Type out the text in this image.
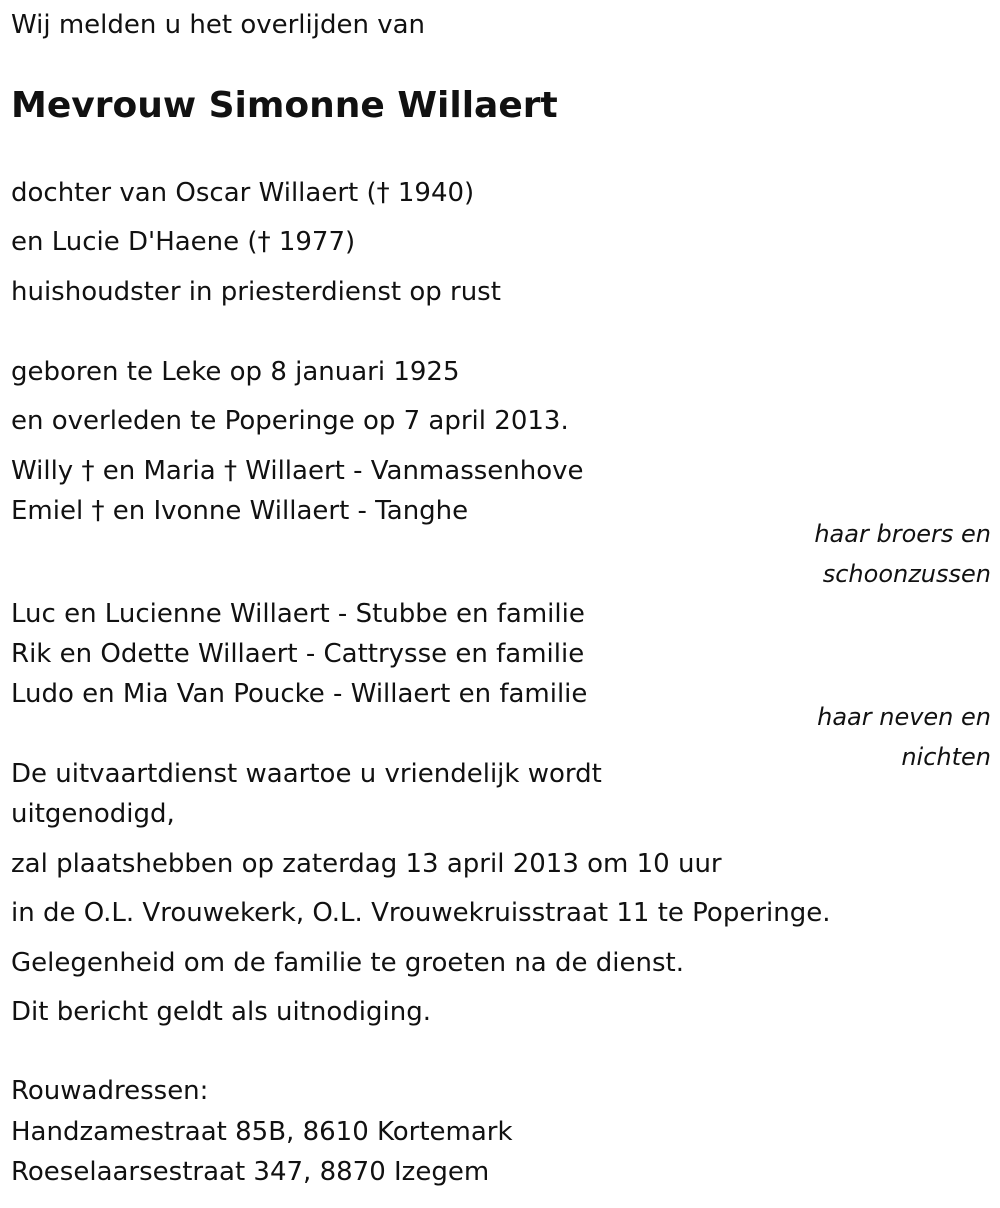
Wij melden u het overlijden van
Mevrouw Simonne Willaert
dochter van Oscar Willaert († 1940)
en Lucie D'Haene († 1977)
huishoudster in priesterdienst op rust
geboren te Leke op 8 januari 1925
en overleden te Poperinge op 7 april 2013.
Willy † en Maria † Willaert - Vanmassenhove
Emiel † en Ivonne Willaert - Tanghe
haar broers en
schoonzussen
Luc en Lucienne Willaert - Stubbe en familie
Rik en Odette Willaert - Cattrysse en familie
Ludo en Mia Van Poucke - Willaert en familie
haar neven en
nichten
De uitvaartdienst waartoe u vriendelijk wordt
uitgenodigd,
zal plaatshebben op zaterdag 13 april 2013 om 10 uur
in de O.L. Vrouwekerk, O.L. Vrouwekruisstraat 11 te Poperinge.
Gelegenheid om de familie te groeten na de dienst.
Dit bericht geldt als uitnodiging.
Rouwadressen:
Handzamestraat 85B, 8610 Kortemark
Roeselaarsestraat 347, 8870 Izegem
